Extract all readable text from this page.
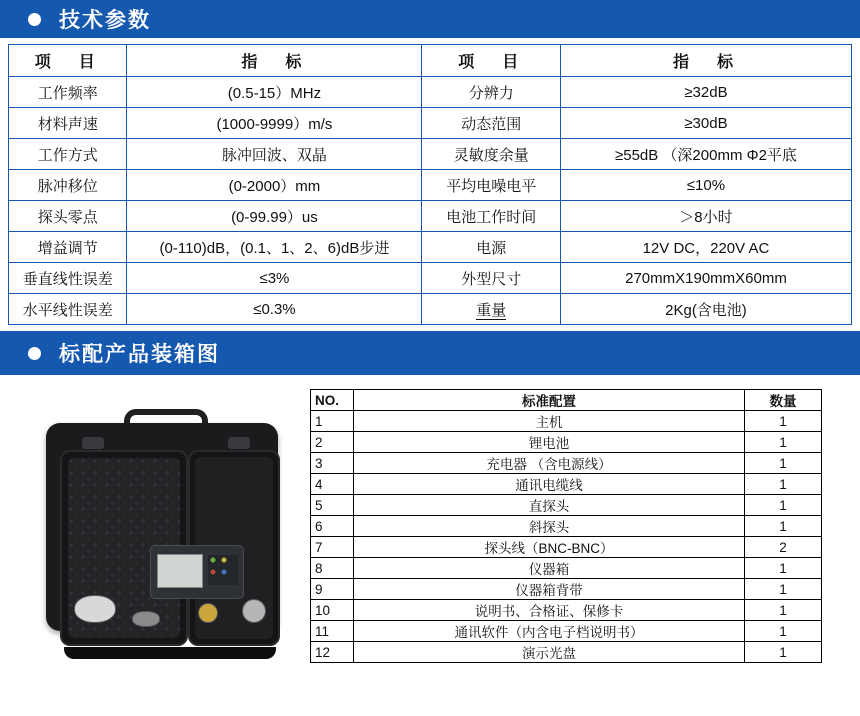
技术参数
项　目	指　标	项　目	指　标
工作频率	(0.5-15）MHz	分辨力	≥32dB
材料声速	(1000-9999）m/s	动态范围	≥30dB
工作方式	脉冲回波、双晶	灵敏度余量	≥55dB （深200mm Φ2平底
脉冲移位	(0-2000）mm	平均电噪电平	≤10%
探头零点	(0-99.99）us	电池工作时间	＞8小时
增益调节	(0-110)dB，(0.1、1、2、6)dB步进	电源	12V DC，220V AC
垂直线性误差	≤3%	外型尺寸	270mmX190mmX60mm
水平线性误差	≤0.3%	重量	2Kg(含电池)
标配产品装箱图
NO.	标准配置	数量
1	主机	1
2	锂电池	1
3	充电器 （含电源线）	1
4	通讯电缆线	1
5	直探头	1
6	斜探头	1
7	探头线（BNC-BNC）	2
8	仪器箱	1
9	仪器箱背带	1
10	说明书、合格证、保修卡	1
11	通讯软件（内含电子档说明书）	1
12	演示光盘	1
